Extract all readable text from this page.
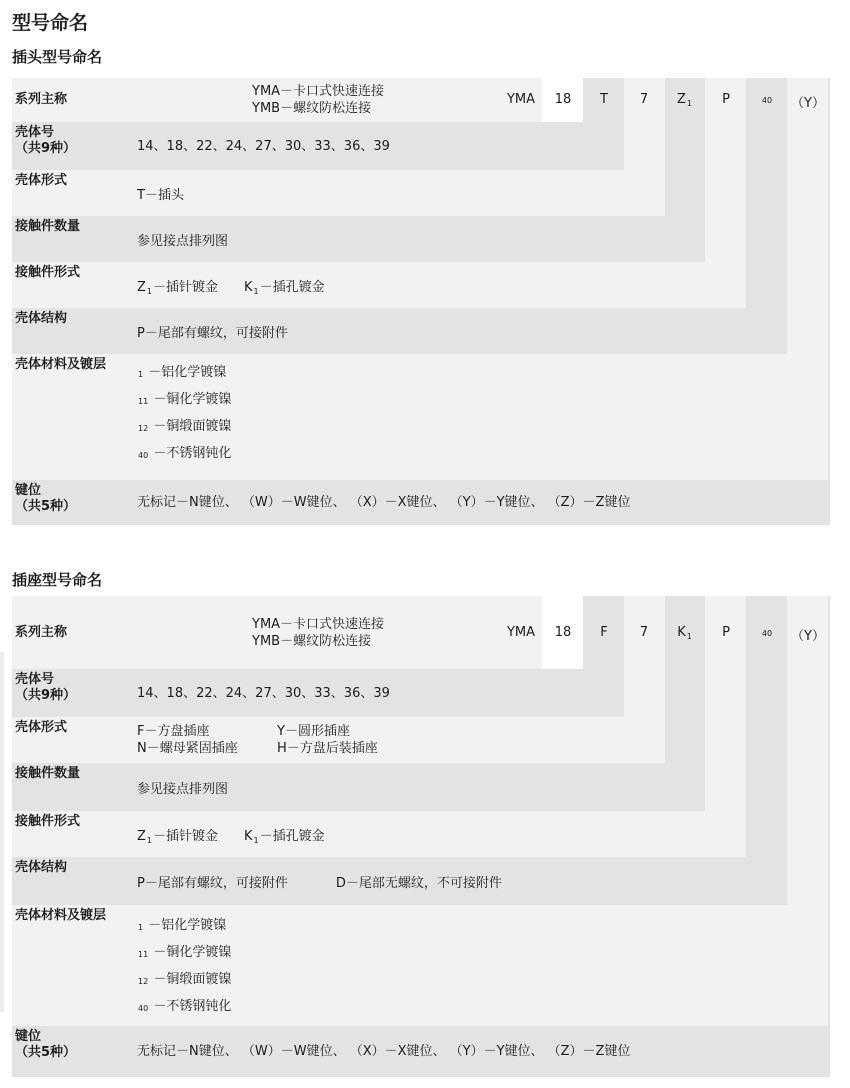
型号命名
插头型号命名
系列主称
YMA－卡口式快速连接
YMB－螺纹防松连接
YMA	18	T	7	$Z_1$	P	40	（Y）
壳体号
（共9种）	14、18、22、24、27、30、33、36、39
壳体形式
T－插头
接触件数量
参见接点排列图
接触件形式
$Z_1-$插针镀金 $K_1-$插孔镀金
壳体结构
P－尾部有螺纹，可接附件
壳体材料及镀层
1 －铝化学镀镍
11 －铜化学镀镍
12 －铜缎面镀镍
40 －不锈钢钝化
键位
（共5种）	无标记－N键位、 （W）－W键位、 （X）－X键位、 （Y）－Y键位、 （Z）－Z键位
插座型号命名
系列主称
YMA－卡口式快速连接
YMB－螺纹防松连接
YMA	18	F	7	$K_1$	P	40	（Y）
壳体号
（共9种）	14、18、22、24、27、30、33、36、39
壳体形式	F－方盘插座	Y－圆形插座
N－螺母紧固插座	H－方盘后装插座
接触件数量
参见接点排列图
接触件形式
$Z_1-$插针镀金 $K_1-$插孔镀金
壳体结构
P－尾部有螺纹，可接附件	D－尾部无螺纹，不可接附件
壳体材料及镀层
1 －铝化学镀镍
11 －铜化学镀镍
12 －铜缎面镀镍
40 －不锈钢钝化
键位
（共5种）	无标记－N键位、 （W）－W键位、 （X）－X键位、 （Y）－Y键位、 （Z）－Z键位
